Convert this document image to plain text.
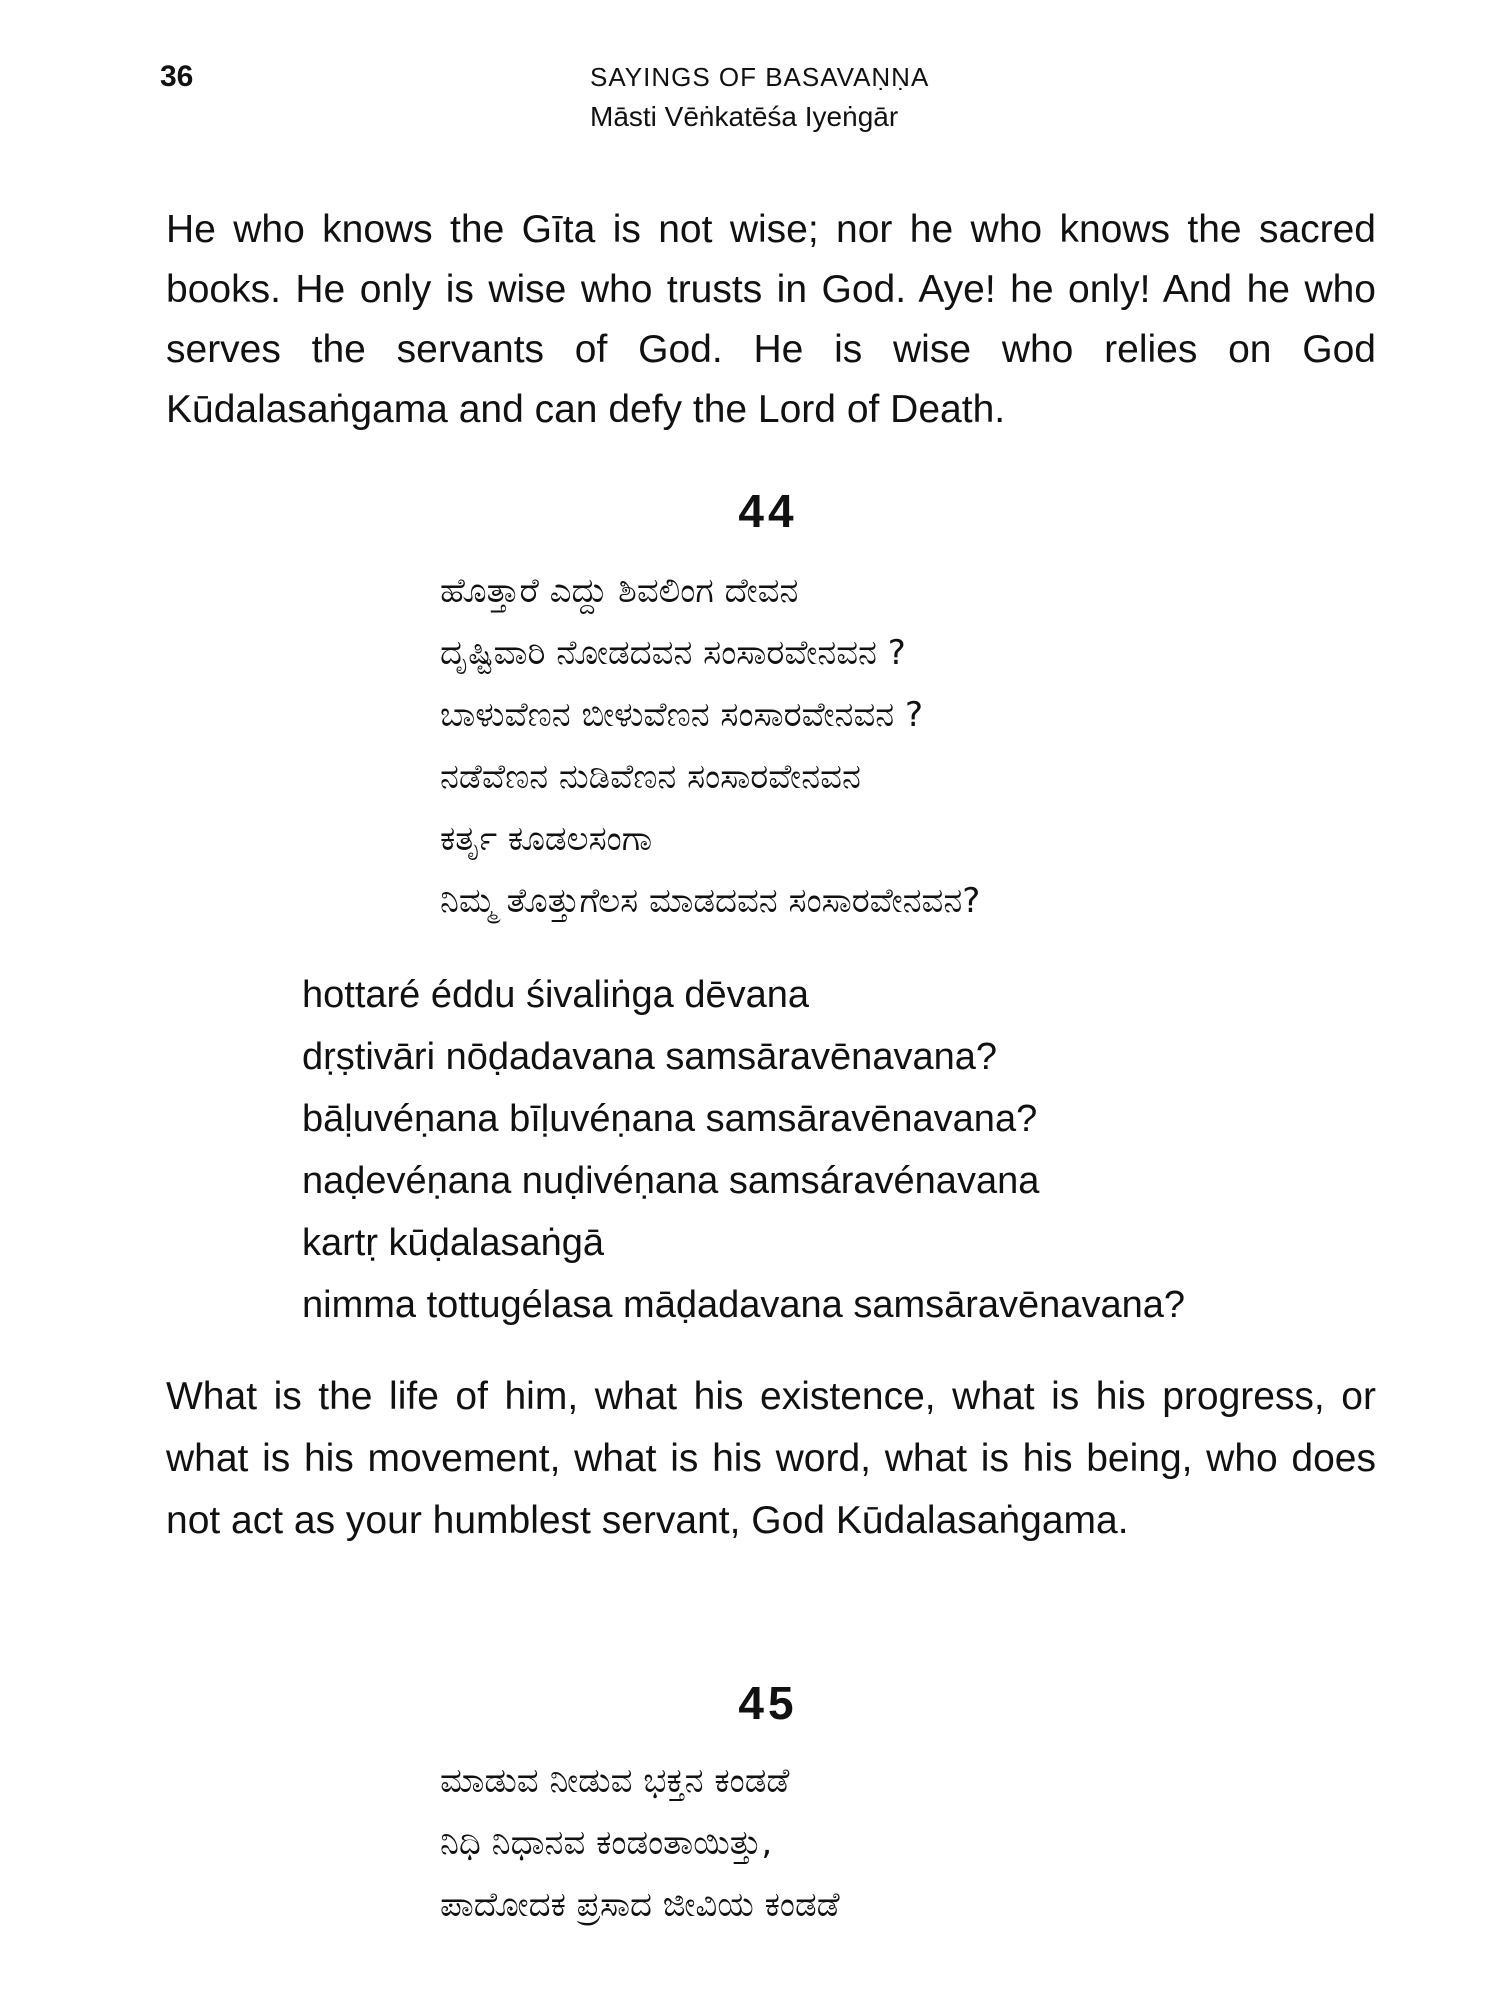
36	SAYINGS OF BASAVAṆṆA
Māsti Vēṅkatēśa Iyeṅgār

He who knows the Gīta is not wise; nor he who knows the sacred books. He only is wise who trusts in God. Aye! he only! And he who serves the servants of God. He is wise who relies on God Kūdalasaṅgama and can defy the Lord of Death.

44
ಹೊತ್ತಾರೆ ಎದ್ದು ಶಿವಲಿಂಗ ದೇವನ
ದೃಷ್ಟಿವಾರಿ ನೋಡದವನ ಸಂಸಾರವೇನವನ ?
ಬಾಳುವೆಣನ ಬೀಳುವೆಣನ ಸಂಸಾರವೇನವನ ?
ನಡೆವೆಣನ ನುಡಿವೆಣನ ಸಂಸಾರವೇನವನ
ಕರ್ತೃ ಕೂಡಲಸಂಗಾ
ನಿಮ್ಮ ತೊತ್ತುಗೆಲಸ ಮಾಡದವನ ಸಂಸಾರವೇನವನ?
hottaré éddu śivaliṅga dēvana
dṛṣtivāri nōḍadavana samsāravēnavana?
bāḷuvéṇana bīḷuvéṇana samsāravēnavana?
naḍevéṇana nuḍivéṇana samsáravénavana
kartṛ kūḍalasaṅgā
nimma tottugélasa māḍadavana samsāravēnavana?

What is the life of him, what his existence, what is his progress, or what is his movement, what is his word, what is his being, who does not act as your humblest servant, God Kūdalasaṅgama.

45
ಮಾಡುವ ನೀಡುವ ಭಕ್ತನ ಕಂಡಡೆ
ನಿಧಿ ನಿಧಾನವ ಕಂಡಂತಾಯಿತ್ತು,
ಪಾದೋದಕ ಪ್ರಸಾದ ಜೀವಿಯ ಕಂಡಡೆ
